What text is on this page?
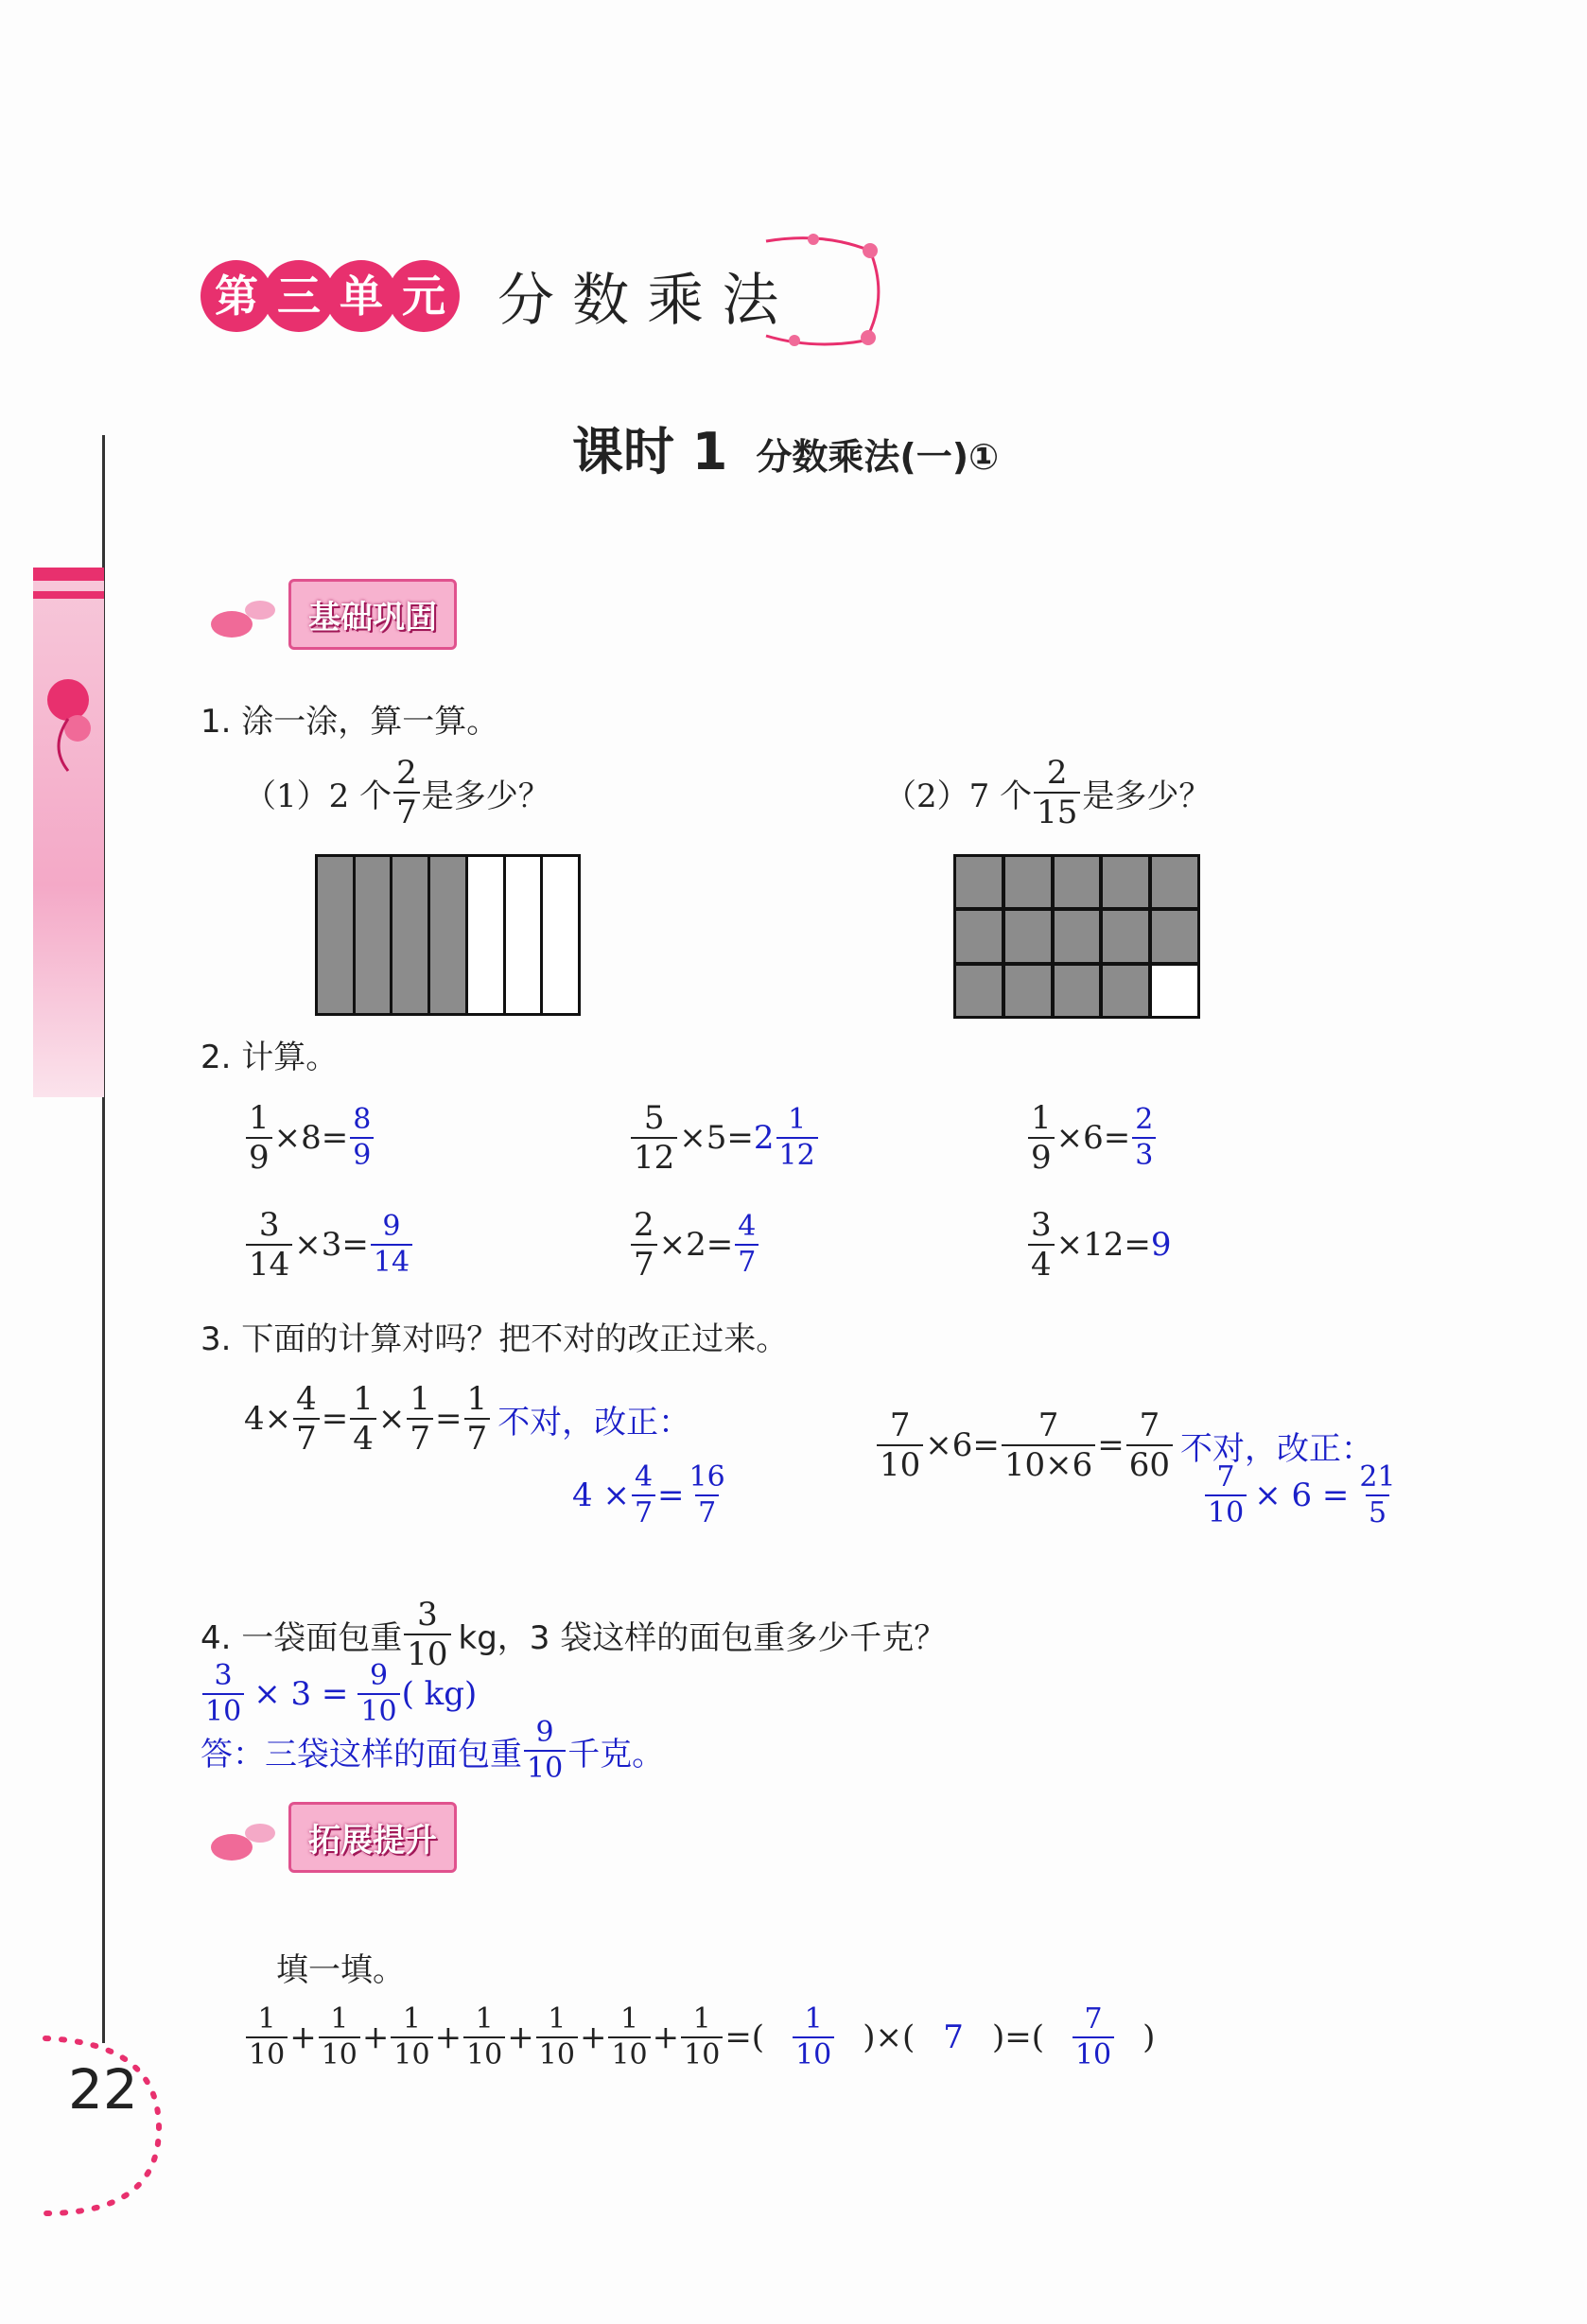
第 三 单 元 分 数 乘 法
课时 1 分数乘法(一)①
基础巩固
1. 涂一涂，算一算。
（1）2 个 $\frac{2}{7}$ 是多少？	（2）7 个 $\frac{2}{15}$ 是多少？
2. 计算。
$\frac{1}{9} \times 8= \frac{8}{9}$	$\frac{5}{12} \times 5= 2 \frac{1}{12}$	$\frac{1}{9} \times 6= \frac{2}{3}$
$\frac{3}{14} \times 3= \frac{9}{14}$	$\frac{2}{7} \times 2= \frac{4}{7}$	$\frac{3}{4} \times 12= 9$
3. 下面的计算对吗？把不对的改正过来。
$4\times \frac{4}{7} = \frac{1}{4} \times \frac{1}{7} = \frac{1}{7}$ 不对，改正：
$4 \times \frac{4}{7} = \frac{16}{7}$
$\frac{7}{10} \times 6= \frac{7}{10\times 6} = \frac{7}{60}$ 不对，改正：
$\frac{7}{10} \times 6 = \frac{21}{5}$
4. 一袋面包重 $\frac{3}{10}$ kg，3 袋这样的面包重多少千克？
$\frac{3}{10} \times 3 = \frac{9}{10}$ ( kg)
答：三袋这样的面包重 $\frac{9}{10}$ 千克。
拓展提升
填一填。
$\frac{1}{10} + \frac{1}{10} + \frac{1}{10} + \frac{1}{10} + \frac{1}{10} + \frac{1}{10} + \frac{1}{10}$ =( $\frac{1}{10}$ )×( 7 )=( $\frac{7}{10}$ )
22
